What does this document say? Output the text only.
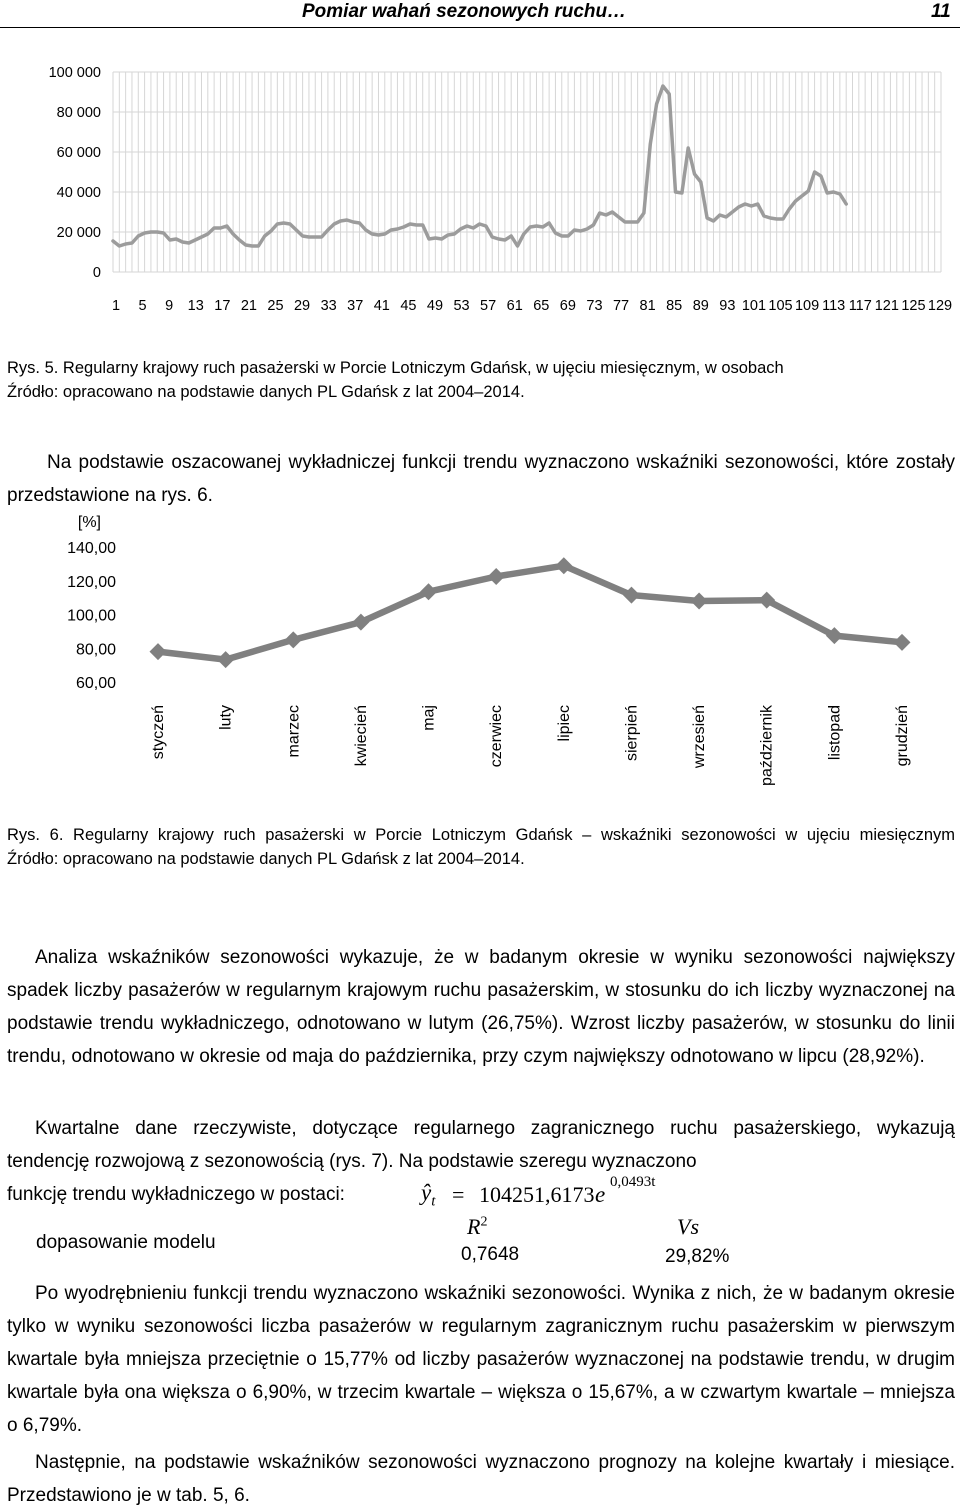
Pomiar wahań sezonowych ruchu…	11
100 000
80 000
60 000
40 000
20 000
0
1 5 9 13 17 21 25 29 33 37 41 45 49 53 57 61 65 69 73 77 81 85 89 93 101 105 109 113 117 121 125 129

Rys. 5. Regularny krajowy ruch pasażerski w Porcie Lotniczym Gdańsk, w ujęciu miesięcznym, w osobach
Źródło: opracowano na podstawie danych PL Gdańsk z lat 2004–2014.

Na podstawie oszacowanej wykładniczej funkcji trendu wyznaczono wskaźniki sezonowości, które zostały przedstawione na rys. 6.

[%]
140,00
120,00
100,00
80,00
60,00
styczeń	luty	marzec	kwiecień	maj	czerwiec	lipiec	sierpień	wrzesień	październik	listopad	grudzień
Rys. 6. Regularny krajowy ruch pasażerski w Porcie Lotniczym Gdańsk – wskaźniki sezonowości w ujęciu miesięcznym
Źródło: opracowano na podstawie danych PL Gdańsk z lat 2004–2014.

Analiza wskaźników sezonowości wykazuje, że w badanym okresie w wyniku sezonowości największy spadek liczby pasażerów w regularnym krajowym ruchu pasażerskim, w stosunku do ich liczby wyznaczonej na podstawie trendu wykładniczego, odnotowano w lutym (26,75%). Wzrost liczby pasażerów, w stosunku do linii trendu, odnotowano w okresie od maja do października, przy czym największy odnotowano w lipcu (28,92%).

Kwartalne dane rzeczywiste, dotyczące regularnego zagranicznego ruchu pasażerskiego, wykazują tendencję rozwojową z sezonowością (rys. 7). Na podstawie szeregu wyznaczono

funkcję trendu wykładniczego w postaci:	$ŷ_t = 104251,6173$ e 0,0493t
dopasowanie modelu
$R^2$
0,7648
Vs
29,82%

Po wyodrębnieniu funkcji trendu wyznaczono wskaźniki sezonowości. Wynika z nich, że w badanym okresie tylko w wyniku sezonowości liczba pasażerów w regularnym zagranicznym ruchu pasażerskim w pierwszym kwartale była mniejsza przeciętnie o 15,77% od liczby pasażerów wyznaczonej na podstawie trendu, w drugim kwartale była ona większa o 6,90%, w trzecim kwartale – większa o 15,67%, a w czwartym kwartale – mniejsza o 6,79%.

Następnie, na podstawie wskaźników sezonowości wyznaczono prognozy na kolejne kwartały i miesiące. Przedstawiono je w tab. 5, 6.
